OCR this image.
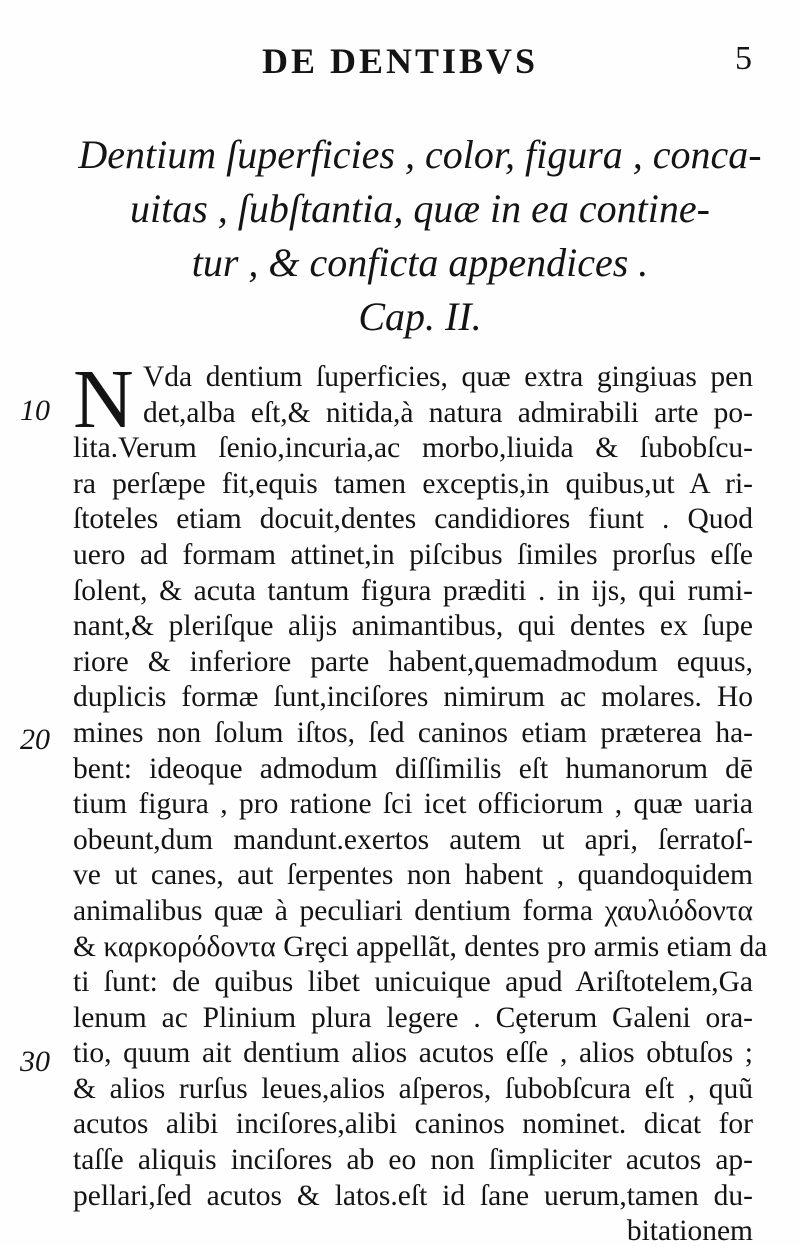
DE DENTIBVS	5
Dentium ſuperficies , color, figura , conca-
uitas , ſubſtantia, quæ in ea contine-
tur , & conficta appendices .
Cap. II.
N
10
20
30
Vda dentium ſuperficies, quæ extra gingiuas pen
det,alba eſt,& nitida,à natura admirabili arte po-
lita.Verum ſenio,incuria,ac morbo,liuida & ſubobſcu-
ra perſæpe fit,equis tamen exceptis,in quibus,ut A ri-
ſtoteles etiam docuit,dentes candidiores fiunt . Quod
uero ad formam attinet,in piſcibus ſimiles prorſus eſſe
ſolent, & acuta tantum figura præditi . in ijs, qui rumi-
nant,& pleriſque alijs animantibus, qui dentes ex ſupe
riore & inferiore parte habent,quemadmodum equus,
duplicis formæ ſunt,inciſores nimirum ac molares. Ho
mines non ſolum iſtos, ſed caninos etiam præterea ha-
bent: ideoque admodum diſſimilis eſt humanorum dē
tium figura , pro ratione ſci icet officiorum , quæ uaria
obeunt,dum mandunt.exertos autem ut apri, ſerratoſ-
ve ut canes, aut ſerpentes non habent , quandoquidem
animalibus quæ à peculiari dentium forma χαυλιόδοντα
& καρκορόδοντα Grȩci appellãt, dentes pro armis etiam da
ti ſunt: de quibus libet unicuique apud Ariſtotelem,Ga
lenum ac Plinium plura legere . Cȩterum Galeni ora-
tio, quum ait dentium alios acutos eſſe , alios obtuſos ;
& alios rurſus leues,alios aſperos, ſubobſcura eſt , quũ
acutos alibi inciſores,alibi caninos nominet. dicat for
taſſe aliquis inciſores ab eo non ſimpliciter acutos ap-
pellari,ſed acutos & latos.eſt id ſane uerum,tamen du-
bitationem
